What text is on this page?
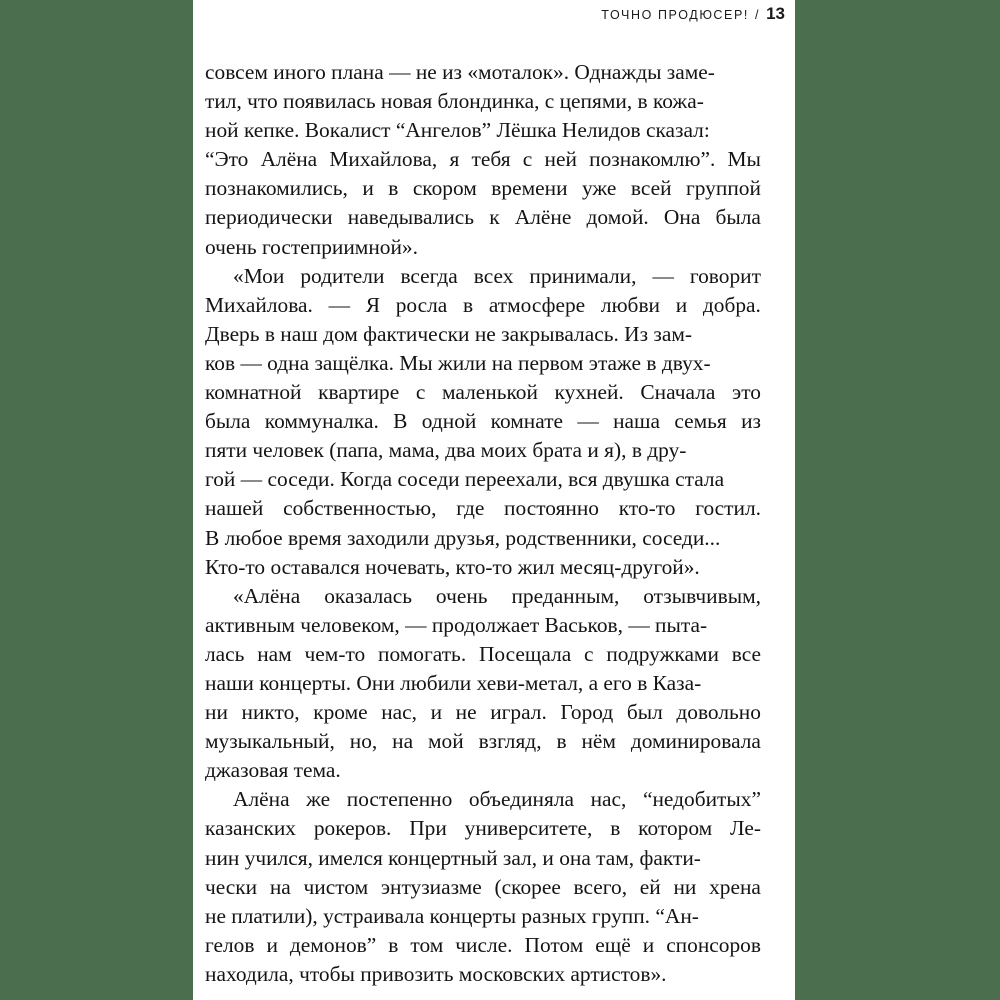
ТОЧНО ПРОДЮСЕР! / 13
совсем иного плана — не из «моталок». Однажды заме-
тил, что появилась новая блондинка, с цепями, в кожа-
ной кепке. Вокалист “Ангелов” Лёшка Нелидов сказал:
“Это Алёна Михайлова, я тебя с ней познакомлю”. Мы
познакомились, и в скором времени уже всей группой
периодически наведывались к Алёне домой. Она была
очень гостеприимной».
«Мои родители всегда всех принимали, — говорит
Михайлова. — Я росла в атмосфере любви и добра.
Дверь в наш дом фактически не закрывалась. Из зам-
ков — одна защёлка. Мы жили на первом этаже в двух-
комнатной квартире с маленькой кухней. Сначала это
была коммуналка. В одной комнате — наша семья из
пяти человек (папа, мама, два моих брата и я), в дру-
гой — соседи. Когда соседи переехали, вся двушка стала
нашей собственностью, где постоянно кто-то гостил.
В любое время заходили друзья, родственники, соседи...
Кто-то оставался ночевать, кто-то жил месяц-другой».
«Алёна оказалась очень преданным, отзывчивым,
активным человеком, — продолжает Васьков, — пыта-
лась нам чем-то помогать. Посещала с подружками все
наши концерты. Они любили хеви-метал, а его в Каза-
ни никто, кроме нас, и не играл. Город был довольно
музыкальный, но, на мой взгляд, в нём доминировала
джазовая тема.
Алёна же постепенно объединяла нас, “недобитых”
казанских рокеров. При университете, в котором Ле-
нин учился, имелся концертный зал, и она там, факти-
чески на чистом энтузиазме (скорее всего, ей ни хрена
не платили), устраивала концерты разных групп. “Ан-
гелов и демонов” в том числе. Потом ещё и спонсоров
находила, чтобы привозить московских артистов».
